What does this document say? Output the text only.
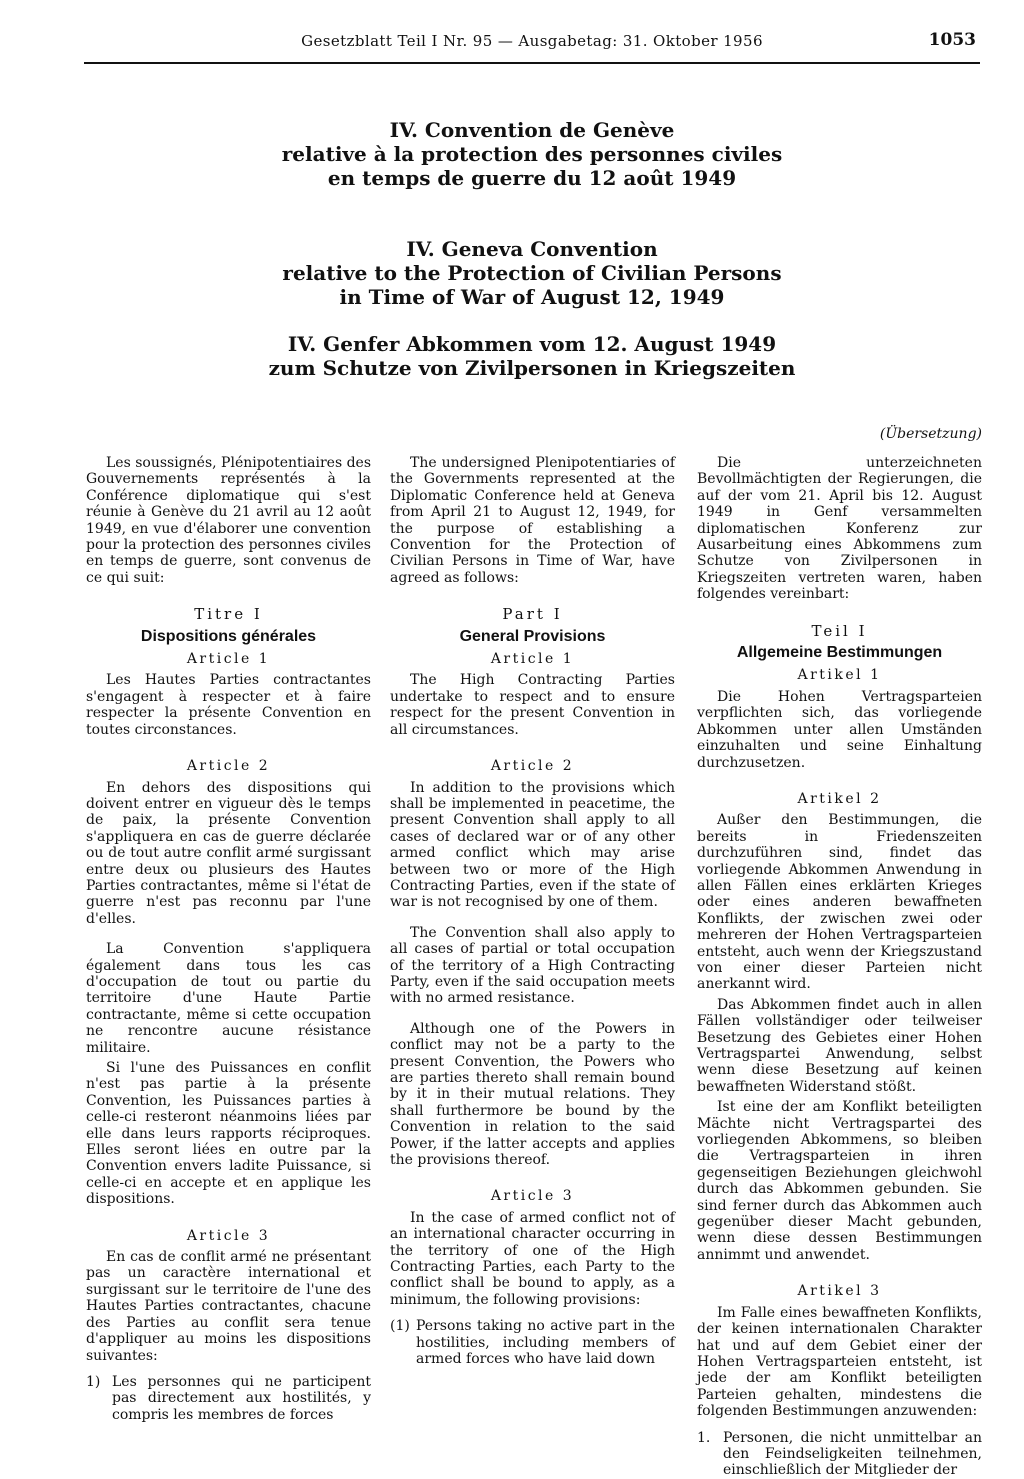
Gesetzblatt Teil I Nr. 95 — Ausgabetag: 31. Oktober 1956	1053
IV. Convention de Genève
relative à la protection des personnes civiles
en temps de guerre du 12 août 1949
IV. Geneva Convention
relative to the Protection of Civilian Persons
in Time of War of August 12, 1949
IV. Genfer Abkommen vom 12. August 1949
zum Schutze von Zivilpersonen in Kriegszeiten

Les soussignés, Plénipotentiaires des Gouvernements représentés à la Conférence diplomatique qui s'est réunie à Genève du 21 avril au 12 août 1949, en vue d'élaborer une convention pour la protection des personnes civiles en temps de guerre, sont convenus de ce qui suit:

Titre I
Dispositions générales
Article 1

Les Hautes Parties contractantes s'engagent à respecter et à faire respecter la présente Convention en toutes circonstances.

Article 2

En dehors des dispositions qui doivent entrer en vigueur dès le temps de paix, la présente Convention s'appliquera en cas de guerre déclarée ou de tout autre conflit armé surgissant entre deux ou plusieurs des Hautes Parties contractantes, même si l'état de guerre n'est pas reconnu par l'une d'elles.

La Convention s'appliquera également dans tous les cas d'occupation de tout ou partie du territoire d'une Haute Partie contractante, même si cette occupation ne rencontre aucune résistance militaire.

Si l'une des Puissances en conflit n'est pas partie à la présente Convention, les Puissances parties à celle-ci resteront néanmoins liées par elle dans leurs rapports réciproques. Elles seront liées en outre par la Convention envers ladite Puissance, si celle-ci en accepte et en applique les dispositions.

Article 3

En cas de conflit armé ne présentant pas un caractère international et surgissant sur le territoire de l'une des Hautes Parties contractantes, chacune des Parties au conflit sera tenue d'appliquer au moins les dispositions suivantes:

1) Les personnes qui ne participent pas directement aux hostilités, y compris les membres de forces

The undersigned Plenipotentiaries of the Governments represented at the Diplomatic Conference held at Geneva from April 21 to August 12, 1949, for the purpose of establishing a Convention for the Protection of Civilian Persons in Time of War, have agreed as follows:

Part I
General Provisions
Article 1

The High Contracting Parties undertake to respect and to ensure respect for the present Convention in all circumstances.

Article 2

In addition to the provisions which shall be implemented in peacetime, the present Convention shall apply to all cases of declared war or of any other armed conflict which may arise between two or more of the High Contracting Parties, even if the state of war is not recognised by one of them.

The Convention shall also apply to all cases of partial or total occupation of the territory of a High Contracting Party, even if the said occupation meets with no armed resistance.

Although one of the Powers in conflict may not be a party to the present Convention, the Powers who are parties thereto shall remain bound by it in their mutual relations. They shall furthermore be bound by the Convention in relation to the said Power, if the latter accepts and applies the provisions thereof.

Article 3

In the case of armed conflict not of an international character occurring in the territory of one of the High Contracting Parties, each Party to the conflict shall be bound to apply, as a minimum, the following provisions:

(1) Persons taking no active part in the hostilities, including members of armed forces who have laid down
(Übersetzung)

Die unterzeichneten Bevollmächtigten der Regierungen, die auf der vom 21. April bis 12. August 1949 in Genf versammelten diplomatischen Konferenz zur Ausarbeitung eines Abkommens zum Schutze von Zivilpersonen in Kriegszeiten vertreten waren, haben folgendes vereinbart:

Teil I
Allgemeine Bestimmungen
Artikel 1

Die Hohen Vertragsparteien verpflichten sich, das vorliegende Abkommen unter allen Umständen einzuhalten und seine Einhaltung durchzusetzen.

Artikel 2

Außer den Bestimmungen, die bereits in Friedenszeiten durchzuführen sind, findet das vorliegende Abkommen Anwendung in allen Fällen eines erklärten Krieges oder eines anderen bewaffneten Konflikts, der zwischen zwei oder mehreren der Hohen Vertragsparteien entsteht, auch wenn der Kriegszustand von einer dieser Parteien nicht anerkannt wird.

Das Abkommen findet auch in allen Fällen vollständiger oder teilweiser Besetzung des Gebietes einer Hohen Vertragspartei Anwendung, selbst wenn diese Besetzung auf keinen bewaffneten Widerstand stößt.

Ist eine der am Konflikt beteiligten Mächte nicht Vertragspartei des vorliegenden Abkommens, so bleiben die Vertragsparteien in ihren gegenseitigen Beziehungen gleichwohl durch das Abkommen gebunden. Sie sind ferner durch das Abkommen auch gegenüber dieser Macht gebunden, wenn diese dessen Bestimmungen annimmt und anwendet.

Artikel 3

Im Falle eines bewaffneten Konflikts, der keinen internationalen Charakter hat und auf dem Gebiet einer der Hohen Vertragsparteien entsteht, ist jede der am Konflikt beteiligten Parteien gehalten, mindestens die folgenden Bestimmungen anzuwenden:

1. Personen, die nicht unmittelbar an den Feindseligkeiten teilnehmen, einschließlich der Mitglieder der
